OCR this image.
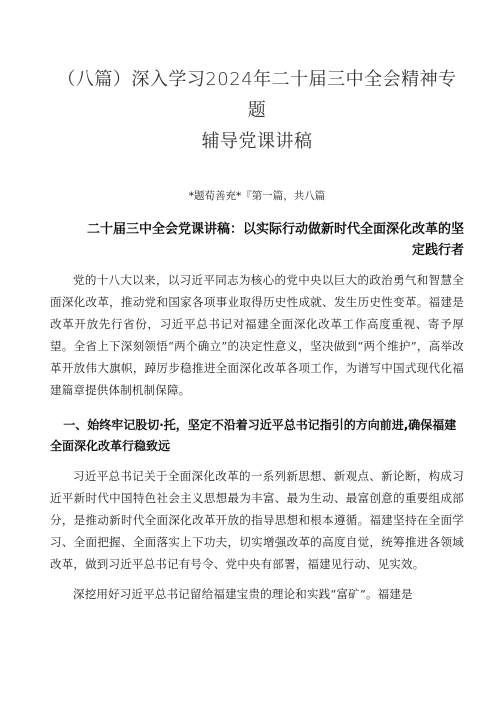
（八篇）深入学习2024年二十届三中全会精神专题
辅导党课讲稿
*题荀善充*『第一篇，共八篇
二十届三中全会党课讲稿：以实际行动做新时代全面深化改革的坚
定践行者

党的十八大以来，以习近平同志为核心的党中央以巨大的政治勇气和智慧全面深化改革，推动党和国家各项事业取得历史性成就、发生历史性变革。福建是改革开放先行省份，习近平总书记对福建全面深化改革工作高度重视、寄予厚望。全省上下深刻领悟“两个确立”的决定性意义，坚决做到“两个维护”，高举改革开放伟大旗帜，踔厉步稳推进全面深化改革各项工作，为谱写中国式现代化福建篇章提供体制机制保障。

一、始终牢记股切·托，坚定不沿着习近平总书记指引的方向前进,确保福建全面深化改革行稳致远

习近平总书记关于全面深化改革的一系列新思想、新观点、新论断，构成习近平新时代中国特色社会主义思想最为丰富、最为生动、最富创意的重要组成部分，是推动新时代全面深化改革开放的指导思想和根本遵循。福建坚持在全面学习、全面把握、全面落实上下功夫，切实增强改革的高度自觉，统筹推进各领域改革，做到习近平总书记有号令、党中央有部署，福建见行动、见实效。

深挖用好习近平总书记留给福建宝贵的理论和实践“富矿”。福建是
